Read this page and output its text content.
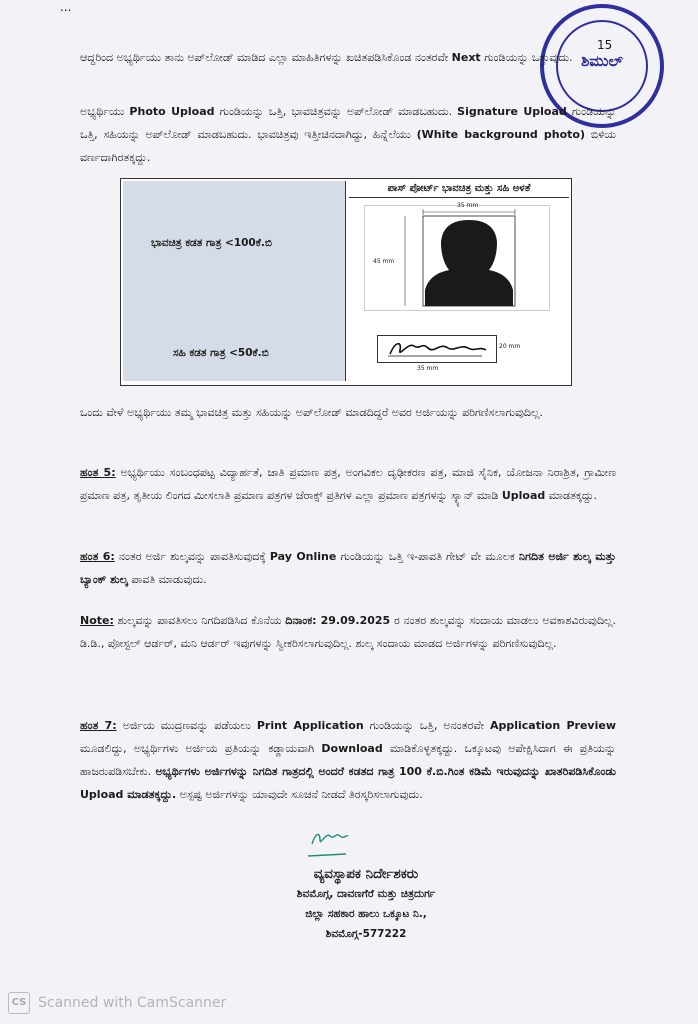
...
15
ಶಿಮುಲ್
ಆದ್ದರಿಂದ ಅಭ್ಯರ್ಥಿಯು ತಾನು ಅಪ್‌ಲೋಡ್ ಮಾಡಿದ ಎಲ್ಲಾ ಮಾಹಿತಿಗಳನ್ನು ಖಚಿತಪಡಿಸಿಕೊಂಡ ನಂತರವೇ Next ಗುಂಡಿಯನ್ನು ಒತ್ತುವುದು.
ಅಭ್ಯರ್ಥಿಯು Photo Upload ಗುಂಡಿಯನ್ನು ಒತ್ತಿ, ಭಾವಚಿತ್ರವನ್ನು ಅಪ್‌ಲೋಡ್ ಮಾಡಬಹುದು. Signature Upload ಗುಂಡಿಯನ್ನು ಒತ್ತಿ, ಸಹಿಯನ್ನು ಅಪ್‌ಲೋಡ್ ಮಾಡಬಹುದು. ಭಾವಚಿತ್ರವು ಇತ್ತೀಚಿನದಾಗಿದ್ದು, ಹಿನ್ನೆಲೆಯು (White background photo) ಬಿಳಿಯ ವರ್ಣದಾಗಿರತಕ್ಕದ್ದು.
ಭಾವಚಿತ್ರ ಕಡತ ಗಾತ್ರ <100ಕೆ.ಬಿ
ಸಹಿ ಕಡತ ಗಾತ್ರ <50ಕೆ.ಬಿ
ಪಾಸ್ ಪೋರ್ಟ್ ಭಾವಚಿತ್ರ ಮತ್ತು ಸಹಿ ಅಳತೆ
35 mm
45 mm
20 mm
35 mm
ಒಂದು ವೇಳೆ ಅಭ್ಯರ್ಥಿಯು ತಮ್ಮ ಭಾವಚಿತ್ರ ಮತ್ತು ಸಹಿಯನ್ನು ಅಪ್‌ಲೋಡ್ ಮಾಡದಿದ್ದರೆ ಅವರ ಅರ್ಜಿಯನ್ನು ಪರಿಗಣಿಸಲಾಗುವುದಿಲ್ಲ.
ಹಂತ 5: ಅಭ್ಯರ್ಥಿಯು ಸಂಬಂಧಪಟ್ಟ ವಿದ್ಯಾರ್ಹತೆ, ಜಾತಿ ಪ್ರಮಾಣ ಪತ್ರ, ಅಂಗವಿಕಲ ದೃಢೀಕರಣ ಪತ್ರ, ಮಾಜಿ ಸೈನಿಕ, ಯೋಜನಾ ನಿರಾಶ್ರಿತ, ಗ್ರಾಮೀಣ ಪ್ರಮಾಣ ಪತ್ರ, ತೃತೀಯ ಲಿಂಗದ ಮೀಸಲಾತಿ ಪ್ರಮಾಣ ಪತ್ರಗಳ ಜೆರಾಕ್ಸ್ ಪ್ರತಿಗಳ ಎಲ್ಲಾ ಪ್ರಮಾಣ ಪತ್ರಗಳನ್ನು ಸ್ಕ್ಯಾನ್ ಮಾಡಿ Upload ಮಾಡತಕ್ಕದ್ದು.
ಹಂತ 6: ನಂತರ ಅರ್ಜಿ ಶುಲ್ಕವನ್ನು ಪಾವತಿಸುವುದಕ್ಕೆ Pay Online ಗುಂಡಿಯನ್ನು ಒತ್ತಿ ಇ-ಪಾವತಿ ಗೇಟ್ ವೇ ಮೂಲಕ ನಿಗದಿತ ಅರ್ಜಿ ಶುಲ್ಕ ಮತ್ತು ಬ್ಯಾಂಕ್ ಶುಲ್ಕ ಪಾವತಿ ಮಾಡುವುದು.
Note: ಶುಲ್ಕವನ್ನು ಪಾವತಿಸಲು ನಿಗದಿಪಡಿಸಿದ ಕೊನೆಯ ದಿನಾಂಕ: 29.09.2025 ರ ನಂತರ ಶುಲ್ಕವನ್ನು ಸಂದಾಯ ಮಾಡಲು ಅವಕಾಶವಿರುವುದಿಲ್ಲ. ಡಿ.ಡಿ., ಪೋಸ್ಟಲ್ ಆರ್ಡರ್, ಮನಿ ಆರ್ಡರ್ ಇವುಗಳನ್ನು ಸ್ವೀಕರಿಸಲಾಗುವುದಿಲ್ಲ. ಶುಲ್ಕ ಸಂದಾಯ ಮಾಡದ ಅರ್ಜಿಗಳನ್ನು ಪರಿಗಣಿಸುವುದಿಲ್ಲ.
ಹಂತ 7: ಅರ್ಜಿಯ ಮುದ್ರಣವನ್ನು ಪಡೆಯಲು Print Application ಗುಂಡಿಯನ್ನು ಒತ್ತಿ, ಅನಂತರವೇ Application Preview ಮೂಡಲಿದ್ದು, ಅಭ್ಯರ್ಥಿಗಳು ಅರ್ಜಿಯ ಪ್ರತಿಯನ್ನು ಕಡ್ಡಾಯವಾಗಿ Download ಮಾಡಿಕೊಳ್ಳತಕ್ಕದ್ದು. ಒಕ್ಕೂಟವು ಅಪೇಕ್ಷಿಸಿದಾಗ ಈ ಪ್ರತಿಯನ್ನು ಹಾಜರುಪಡಿಸಬೇಕು. ಅಭ್ಯರ್ಥಿಗಳು ಅರ್ಜಿಗಳನ್ನು ನಿಗದಿತ ಗಾತ್ರದಲ್ಲಿ ಅಂದರೆ ಕಡತದ ಗಾತ್ರ 100 ಕೆ.ಬಿ.ಗಿಂತ ಕಡಿಮೆ ಇರುವುದನ್ನು ಖಾತರಿಪಡಿಸಿಕೊಂಡು Upload ಮಾಡತಕ್ಕದ್ದು. ಅಸ್ಪಷ್ಟ ಅರ್ಜಿಗಳನ್ನು ಯಾವುದೇ ಸೂಚನೆ ನೀಡದೆ ತಿರಸ್ಕರಿಸಲಾಗುವುದು.
ವ್ಯವಸ್ಥಾಪಕ ನಿರ್ದೇಶಕರು
ಶಿವಮೊಗ್ಗ, ದಾವಣಗೆರೆ ಮತ್ತು ಚಿತ್ರದುರ್ಗ
ಜಿಲ್ಲಾ ಸಹಕಾರ ಹಾಲು ಒಕ್ಕೂಟ ನಿ.,
ಶಿವಮೊಗ್ಗ-577222
CS Scanned with CamScanner
